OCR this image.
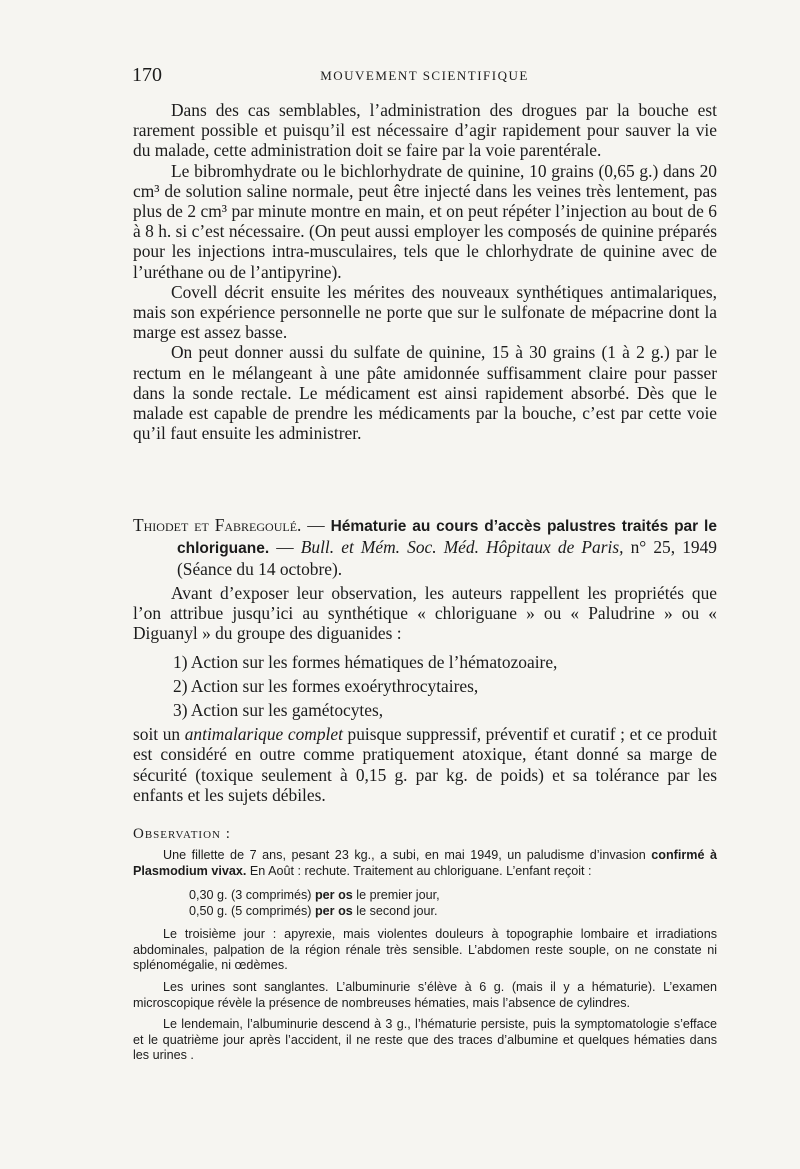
170	MOUVEMENT SCIENTIFIQUE

Dans des cas semblables, l’administration des drogues par la bouche est rarement possible et puisqu’il est nécessaire d’agir rapidement pour sauver la vie du malade, cette administration doit se faire par la voie parentérale.

Le bibromhydrate ou le bichlorhydrate de quinine, 10 grains (0,65 g.) dans 20 cm³ de solution saline normale, peut être injecté dans les veines très lentement, pas plus de 2 cm³ par minute montre en main, et on peut répéter l’injection au bout de 6 à 8 h. si c’est nécessaire. (On peut aussi employer les composés de quinine préparés pour les injections intra-musculaires, tels que le chlorhydrate de quinine avec de l’uréthane ou de l’antipyrine).

Covell décrit ensuite les mérites des nouveaux synthétiques antimalariques, mais son expérience personnelle ne porte que sur le sulfonate de mépacrine dont la marge est assez basse.

On peut donner aussi du sulfate de quinine, 15 à 30 grains (1 à 2 g.) par le rectum en le mélangeant à une pâte amidonnée suffisamment claire pour passer dans la sonde rectale. Le médicament est ainsi rapidement absorbé. Dès que le malade est capable de prendre les médicaments par la bouche, c’est par cette voie qu’il faut ensuite les administrer.

Thiodet et Fabregoulé. — Hématurie au cours d’accès palustres traités par le chloriguane. — Bull. et Mém. Soc. Méd. Hôpitaux de Paris, n° 25, 1949 (Séance du 14 octobre).

Avant d’exposer leur observation, les auteurs rappellent les propriétés que l’on attribue jusqu’ici au synthétique « chloriguane » ou « Paludrine » ou « Diguanyl » du groupe des diguanides :

1) Action sur les formes hématiques de l’hématozoaire,
2) Action sur les formes exoérythrocytaires,
3) Action sur les gamétocytes,

soit un antimalarique complet puisque suppressif, préventif et curatif ; et ce produit est considéré en outre comme pratiquement atoxique, étant donné sa marge de sécurité (toxique seulement à 0,15 g. par kg. de poids) et sa tolérance par les enfants et les sujets débiles.

Observation :

Une fillette de 7 ans, pesant 23 kg., a subi, en mai 1949, un paludisme d’invasion confirmé à Plasmodium vivax. En Août : rechute. Traitement au chloriguane. L’enfant reçoit :

0,30 g. (3 comprimés) per os le premier jour,
0,50 g. (5 comprimés) per os le second jour.

Le troisième jour : apyrexie, mais violentes douleurs à topographie lombaire et irradiations abdominales, palpation de la région rénale très sensible. L’abdomen reste souple, on ne constate ni splénomégalie, ni œdèmes.

Les urines sont sanglantes. L’albuminurie s’élève à 6 g. (mais il y a hématurie). L’examen microscopique révèle la présence de nombreuses hématies, mais l’absence de cylindres.

Le lendemain, l’albuminurie descend à 3 g., l’hématurie persiste, puis la symptomatologie s’efface et le quatrième jour après l’accident, il ne reste que des traces d’albumine et quelques hématies dans les urines .
